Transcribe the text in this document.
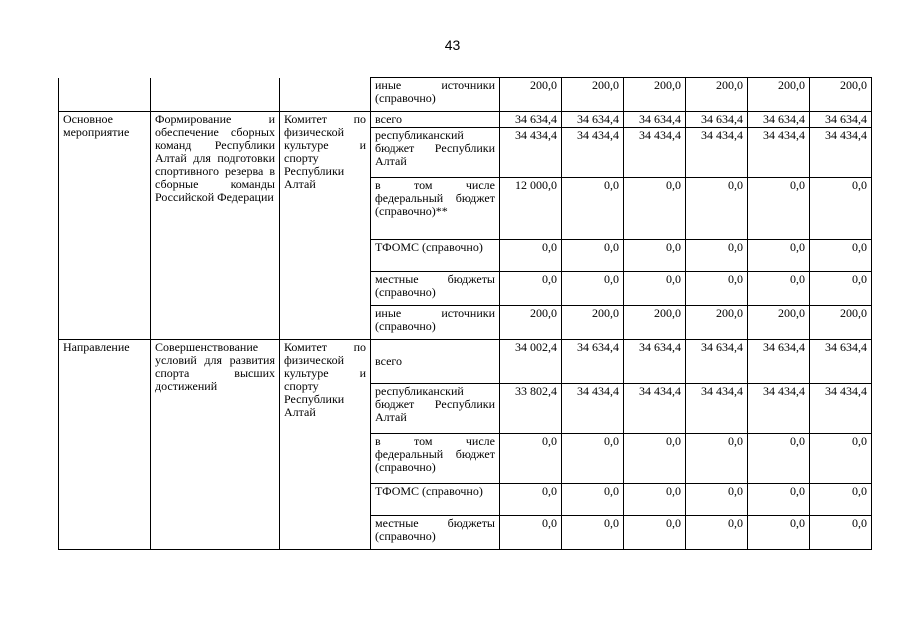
43
			иные источники (справочно)	200,0	200,0	200,0	200,0	200,0	200,0
Основное мероприятие	Формирование и обеспечение сборных команд Республики Алтай для подготовки спортивного резерва в сборные команды Российской Федерации	Комитет по физической культуре и спорту Республики Алтай	всего	34 634,4	34 634,4	34 634,4	34 634,4	34 634,4	34 634,4
			республиканский бюджет Республики Алтай	34 434,4	34 434,4	34 434,4	34 434,4	34 434,4	34 434,4
			в том числе федеральный бюджет (справочно)**	12 000,0	0,0	0,0	0,0	0,0	0,0
			ТФОМС (справочно)	0,0	0,0	0,0	0,0	0,0	0,0
			местные бюджеты (справочно)	0,0	0,0	0,0	0,0	0,0	0,0
			иные источники (справочно)	200,0	200,0	200,0	200,0	200,0	200,0
Направление	Совершенствование условий для развития спорта высших достижений	Комитет по физической культуре и спорту Республики Алтай	всего	34 002,4	34 634,4	34 634,4	34 634,4	34 634,4	34 634,4
			республиканский бюджет Республики Алтай	33 802,4	34 434,4	34 434,4	34 434,4	34 434,4	34 434,4
			в том числе федеральный бюджет (справочно)	0,0	0,0	0,0	0,0	0,0	0,0
			ТФОМС (справочно)	0,0	0,0	0,0	0,0	0,0	0,0
			местные бюджеты (справочно)	0,0	0,0	0,0	0,0	0,0	0,0
